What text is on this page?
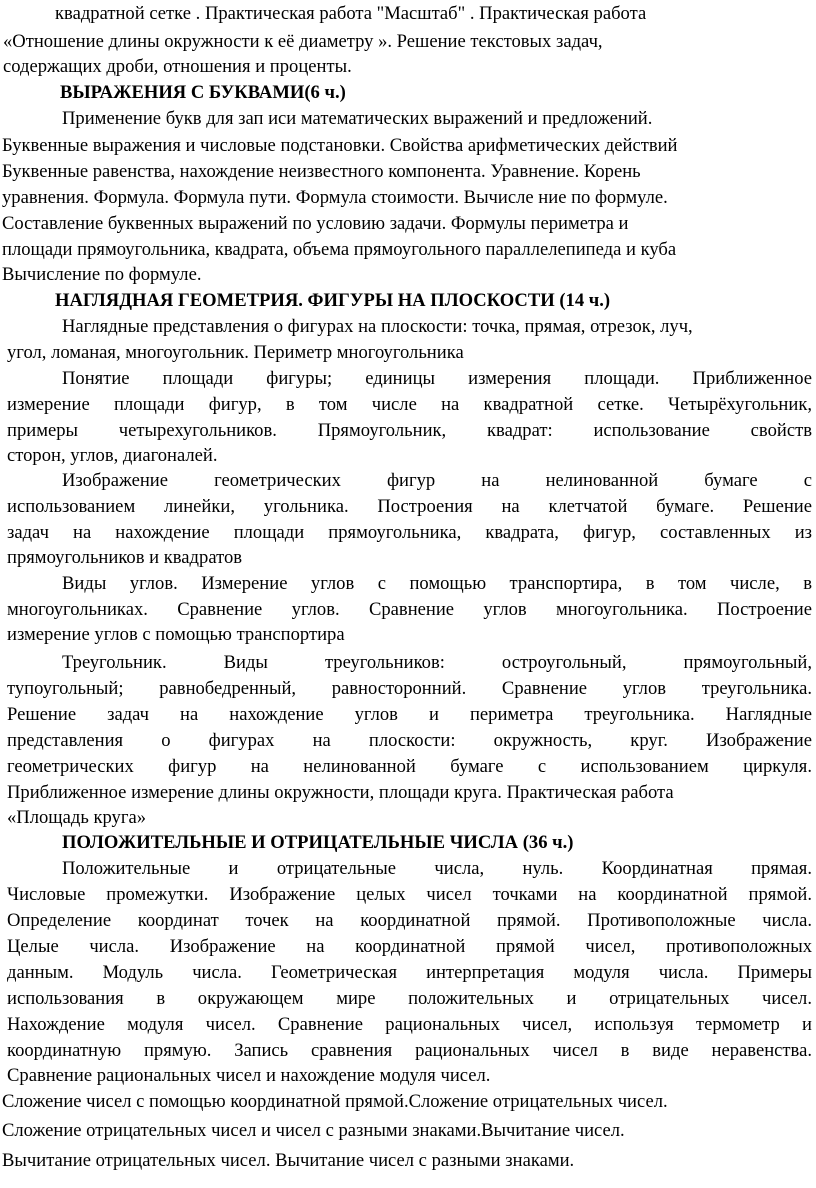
квадратной сетке . Практическая работа "Масштаб" . Практическая работа
«Отношение длины окружности к её диаметру ». Решение текстовых задач,
содержащих дроби, отношения и проценты.
ВЫРАЖЕНИЯ С БУКВАМИ(6 ч.)
Применение букв для зап иси математических выражений и предложений.
Буквенные выражения и числовые подстановки. Свойства арифметических действий
Буквенные равенства, нахождение неизвестного компонента. Уравнение. Корень
уравнения. Формула. Формула пути. Формула стоимости. Вычисле ние по формуле.
Составление буквенных выражений по условию задачи. Формулы периметра и
площади прямоугольника, квадрата, объема прямоугольного параллелепипеда и куба
Вычисление по формуле.
НАГЛЯДНАЯ ГЕОМЕТРИЯ. ФИГУРЫ НА ПЛОСКОСТИ (14 ч.)
Наглядные представления о фигурах на плоскости: точка, прямая, отрезок, луч,
угол, ломаная, многоугольник. Периметр многоугольника
Понятие площади фигуры; единицы измерения площади. Приближенное
измерение площади фигур, в том числе на квадратной сетке. Четырёхугольник,
примеры четырехугольников. Прямоугольник, квадрат: использование свойств
сторон, углов, диагоналей.
Изображение геометрических фигур на нелинованной бумаге с
использованием линейки, угольника. Построения на клетчатой бумаге. Решение
задач на нахождение площади прямоугольника, квадрата, фигур, составленных из
прямоугольников и квадратов
Виды углов. Измерение углов с помощью транспортира, в том числе, в
многоугольниках. Сравнение углов. Сравнение углов многоугольника. Построение
измерение углов с помощью транспортира
Треугольник. Виды треугольников: остроугольный, прямоугольный,
тупоугольный; равнобедренный, равносторонний. Сравнение углов треугольника.
Решение задач на нахождение углов и периметра треугольника. Наглядные
представления о фигурах на плоскости: окружность, круг. Изображение
геометрических фигур на нелинованной бумаге с использованием циркуля.
Приближенное измерение длины окружности, площади круга. Практическая работа
«Площадь круга»
ПОЛОЖИТЕЛЬНЫЕ И ОТРИЦАТЕЛЬНЫЕ ЧИСЛА (36 ч.)
Положительные и отрицательные числа, нуль. Координатная прямая.
Числовые промежутки. Изображение целых чисел точками на координатной прямой.
Определение координат точек на координатной прямой. Противоположные числа.
Целые числа. Изображение на координатной прямой чисел, противоположных
данным. Модуль числа. Геометрическая интерпретация модуля числа. Примеры
использования в окружающем мире положительных и отрицательных чисел.
Нахождение модуля чисел. Сравнение рациональных чисел, используя термометр и
координатную прямую. Запись сравнения рациональных чисел в виде неравенства.
Сравнение рациональных чисел и нахождение модуля чисел.
Сложение чисел с помощью координатной прямой.Сложение отрицательных чисел.
Сложение отрицательных чисел и чисел с разными знаками.Вычитание чисел.
Вычитание отрицательных чисел. Вычитание чисел с разными знаками.
